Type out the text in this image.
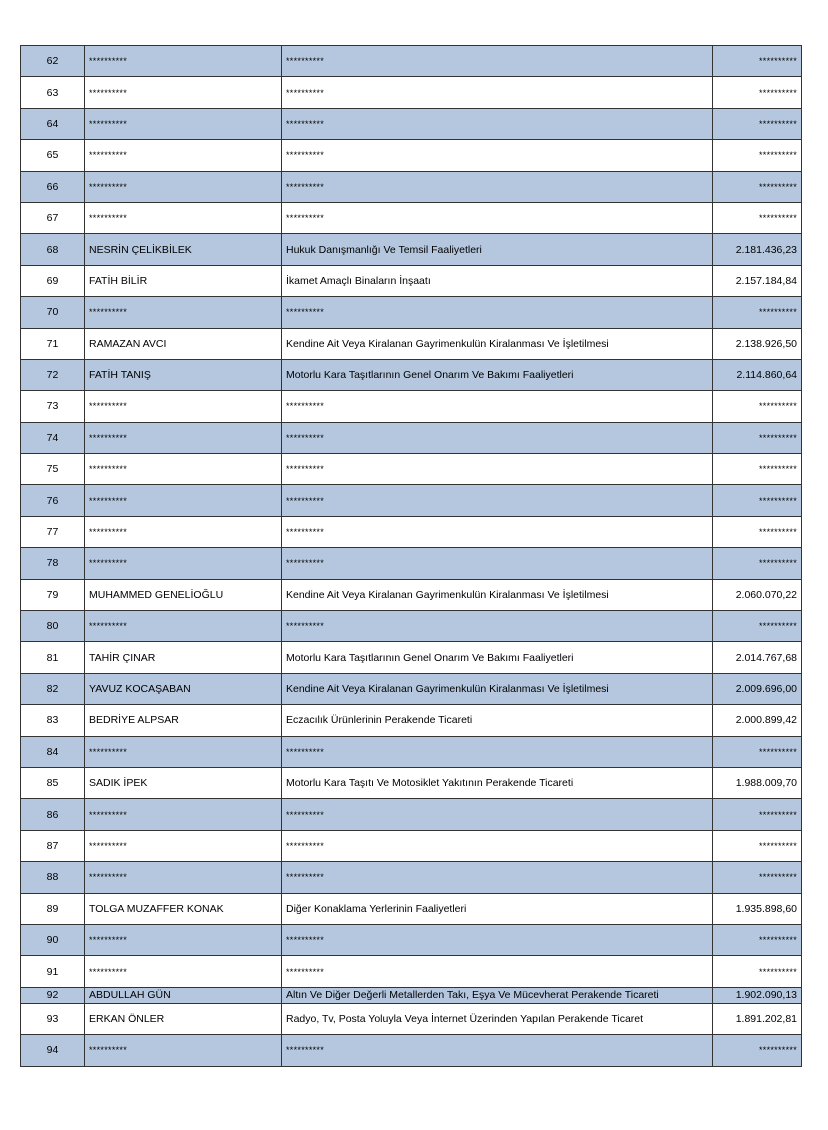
62	**********	**********	**********
63	**********	**********	**********
64	**********	**********	**********
65	**********	**********	**********
66	**********	**********	**********
67	**********	**********	**********
68	NESRİN ÇELİKBİLEK	Hukuk Danışmanlığı Ve Temsil Faaliyetleri	2.181.436,23
69	FATİH BİLİR	İkamet Amaçlı Binaların İnşaatı	2.157.184,84
70	**********	**********	**********
71	RAMAZAN AVCI	Kendine Ait Veya Kiralanan Gayrimenkulün Kiralanması Ve İşletilmesi	2.138.926,50
72	FATİH TANIŞ	Motorlu Kara Taşıtlarının Genel Onarım Ve Bakımı Faaliyetleri	2.114.860,64
73	**********	**********	**********
74	**********	**********	**********
75	**********	**********	**********
76	**********	**********	**********
77	**********	**********	**********
78	**********	**********	**********
79	MUHAMMED GENELİOĞLU	Kendine Ait Veya Kiralanan Gayrimenkulün Kiralanması Ve İşletilmesi	2.060.070,22
80	**********	**********	**********
81	TAHİR ÇINAR	Motorlu Kara Taşıtlarının Genel Onarım Ve Bakımı Faaliyetleri	2.014.767,68
82	YAVUZ KOCAŞABAN	Kendine Ait Veya Kiralanan Gayrimenkulün Kiralanması Ve İşletilmesi	2.009.696,00
83	BEDRİYE ALPSAR	Eczacılık Ürünlerinin Perakende Ticareti	2.000.899,42
84	**********	**********	**********
85	SADIK İPEK	Motorlu Kara Taşıtı Ve Motosiklet Yakıtının Perakende Ticareti	1.988.009,70
86	**********	**********	**********
87	**********	**********	**********
88	**********	**********	**********
89	TOLGA MUZAFFER KONAK	Diğer Konaklama Yerlerinin Faaliyetleri	1.935.898,60
90	**********	**********	**********
91	**********	**********	**********
92	ABDULLAH GÜN	Altın Ve Diğer Değerli Metallerden Takı, Eşya Ve Mücevherat Perakende Ticareti	1.902.090,13
93	ERKAN ÖNLER	Radyo, Tv, Posta Yoluyla Veya İnternet Üzerinden Yapılan Perakende Ticaret	1.891.202,81
94	**********	**********	**********
